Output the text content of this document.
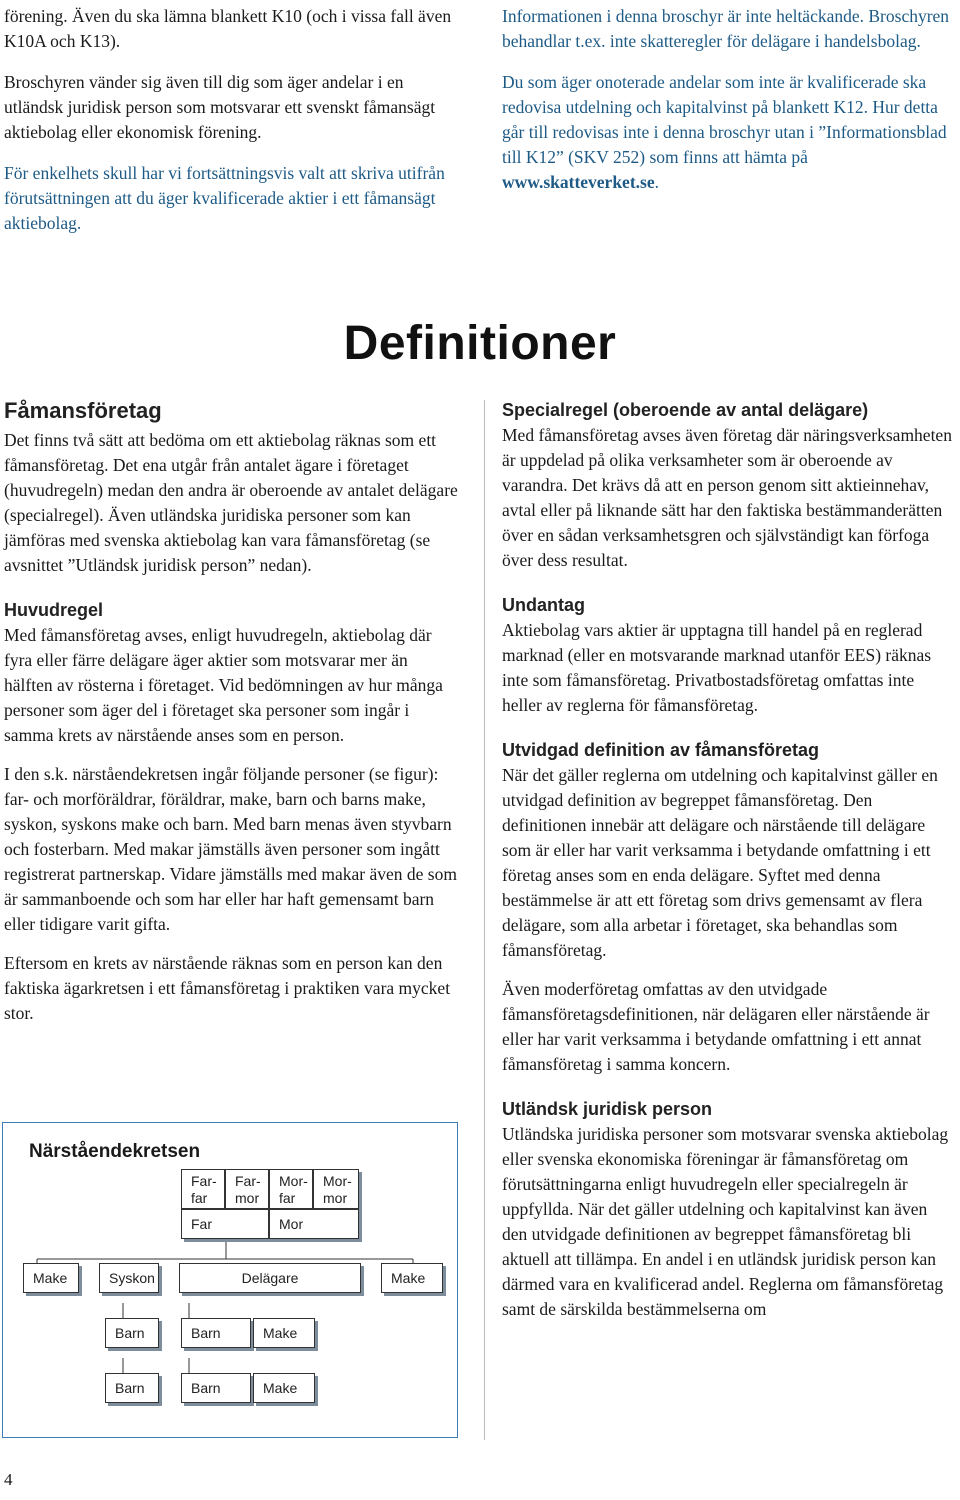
förening. Även du ska lämna blankett K10 (och i vissa fall även K10A och K13).

Broschyren vänder sig även till dig som äger andelar i en utländsk juridisk person som motsvarar ett svenskt fåmansägt aktiebolag eller ekonomisk förening.

För enkelhets skull har vi fortsättningsvis valt att skriva utifrån förutsättningen att du äger kvalificerade aktier i ett fåmansägt aktiebolag.

Informationen i denna broschyr är inte heltäckande. Broschyren behandlar t.ex. inte skatteregler för delägare i handelsbolag.

Du som äger onoterade andelar som inte är kvalificerade ska redovisa utdelning och kapitalvinst på blankett K12. Hur detta går till redovisas inte i denna broschyr utan i ”Informationsblad till K12” (SKV 252) som finns att hämta på www.skatteverket.se.

Definitioner
Fåmansföretag

Det finns två sätt att bedöma om ett aktiebolag räknas som ett fåmansföretag. Det ena utgår från antalet ägare i företaget (huvudregeln) medan den andra är oberoende av antalet delägare (specialregel). Även utländska juridiska personer som kan jämföras med svenska aktiebolag kan vara fåmansföretag (se avsnittet ”Utländsk juridisk person” nedan).

Huvudregel

Med fåmansföretag avses, enligt huvudregeln, aktiebolag där fyra eller färre delägare äger aktier som motsvarar mer än hälften av rösterna i företaget. Vid bedömningen av hur många personer som äger del i företaget ska personer som ingår i samma krets av närstående anses som en person.

I den s.k. närståendekretsen ingår följande personer (se figur): far- och morföräldrar, föräldrar, make, barn och barns make, syskon, syskons make och barn. Med barn menas även styvbarn och fosterbarn. Med makar jämställs även personer som ingått registrerat partnerskap. Vidare jämställs med makar även de som är sammanboende och som har eller har haft gemensamt barn eller tidigare varit gifta.

Eftersom en krets av närstående räknas som en person kan den faktiska ägarkretsen i ett fåmansföretag i praktiken vara mycket stor.

Närståendekretsen
Far-
far
Far-
mor
Mor-
far
Mor-
mor
Far	Mor
Make	Syskon	Delägare	Make
Barn	Barn	Make
Barn	Barn	Make
Specialregel (oberoende av antal delägare)

Med fåmansföretag avses även företag där näringsverksamheten är uppdelad på olika verksamheter som är oberoende av varandra. Det krävs då att en person genom sitt aktieinnehav, avtal eller på liknande sätt har den faktiska bestämmanderätten över en sådan verksamhetsgren och självständigt kan förfoga över dess resultat.

Undantag

Aktiebolag vars aktier är upptagna till handel på en reglerad marknad (eller en motsvarande marknad utanför EES) räknas inte som fåmansföretag. Privatbostadsföretag omfattas inte heller av reglerna för fåmansföretag.

Utvidgad definition av fåmansföretag

När det gäller reglerna om utdelning och kapitalvinst gäller en utvidgad definition av begreppet fåmansföretag. Den definitionen innebär att delägare och närstående till delägare som är eller har varit verksamma i betydande omfattning i ett företag anses som en enda delägare. Syftet med denna bestämmelse är att ett företag som drivs gemensamt av flera delägare, som alla arbetar i företaget, ska behandlas som fåmansföretag.

Även moderföretag omfattas av den utvidgade fåmansföretagsdefinitionen, när delägaren eller närstående är eller har varit verksamma i betydande omfattning i ett annat fåmansföretag i samma koncern.

Utländsk juridisk person

Utländska juridiska personer som motsvarar svenska aktiebolag eller svenska ekonomiska föreningar är fåmansföretag om förutsättningarna enligt huvudregeln eller specialregeln är uppfyllda. När det gäller utdelning och kapitalvinst kan även den utvidgade definitionen av begreppet fåmansföretag bli aktuell att tillämpa. En andel i en utländsk juridisk person kan därmed vara en kvalificerad andel. Reglerna om fåmansföretag samt de särskilda bestämmelserna om

4
